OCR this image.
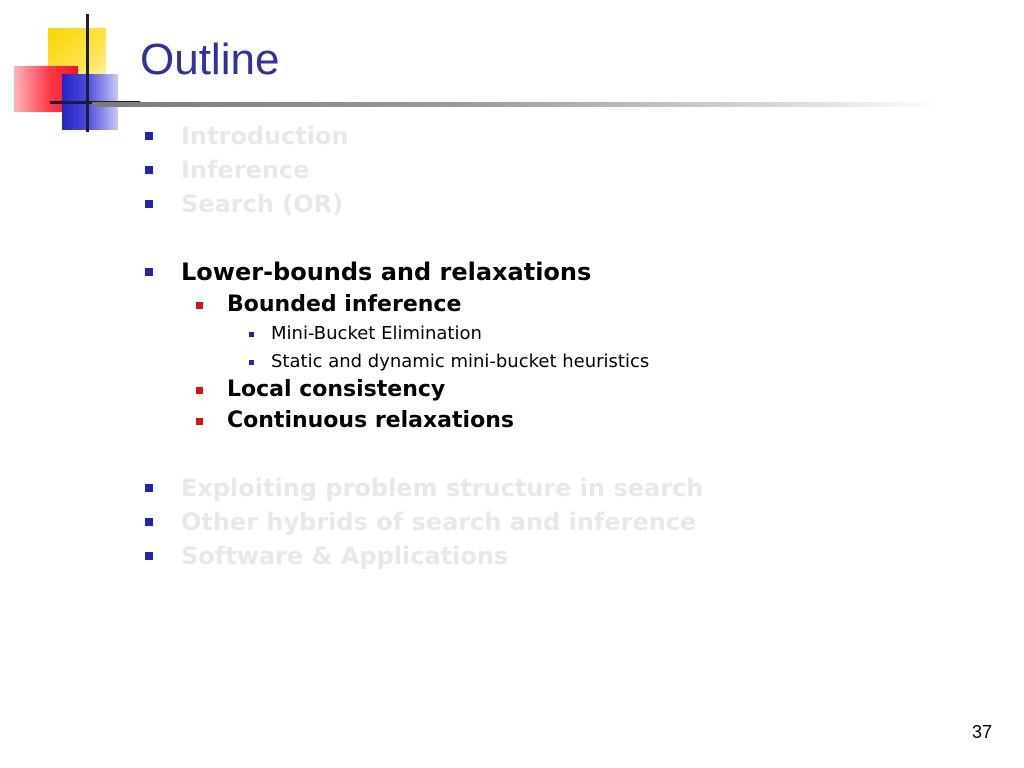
Outline
Introduction
Inference
Search (OR)
Lower-bounds and relaxations
Bounded inference
Mini-Bucket Elimination
Static and dynamic mini-bucket heuristics
Local consistency
Continuous relaxations
Exploiting problem structure in search
Other hybrids of search and inference
Software & Applications
37
